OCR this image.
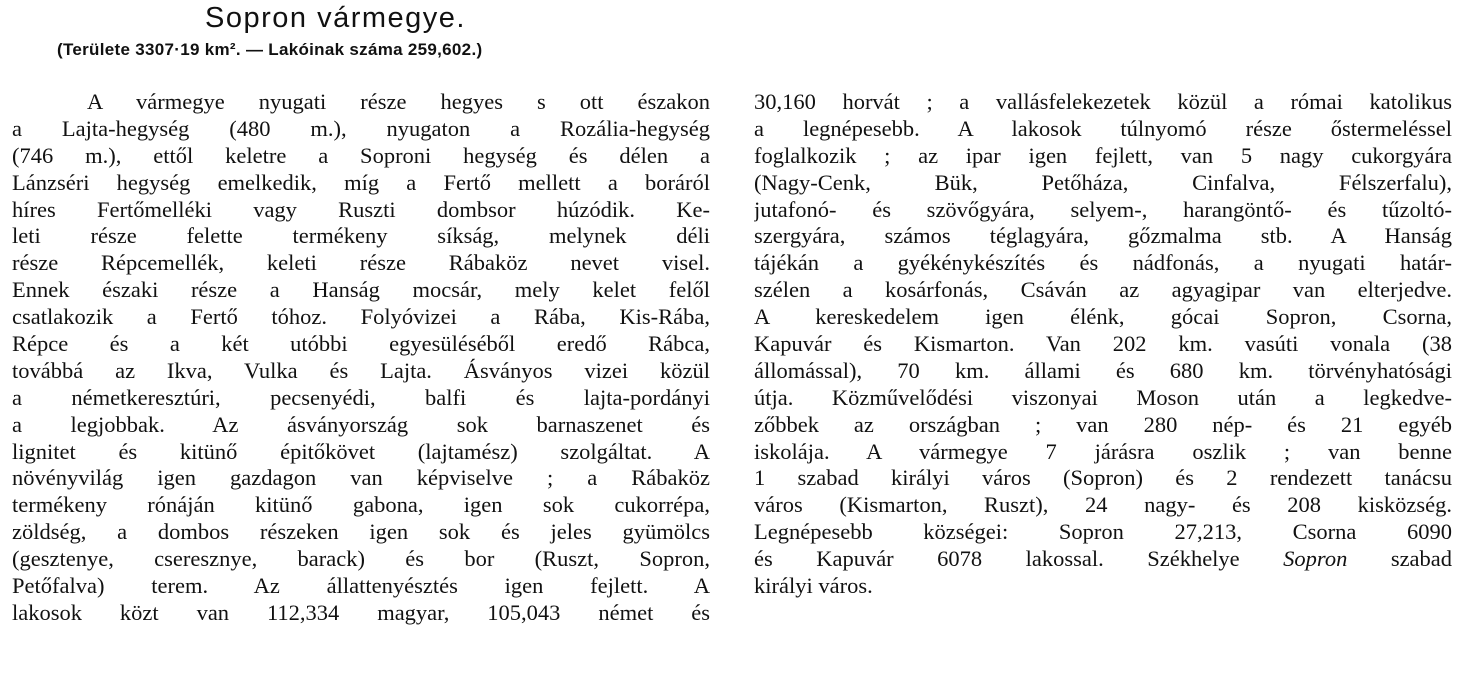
Sopron vármegye.
(Területe 3307·19 km². — Lakóinak száma 259,602.)
A vármegye nyugati része hegyes s ott északon
a Lajta-hegység (480 m.), nyugaton a Rozália-hegység
(746 m.), ettől keletre a Soproni hegység és délen a
Lánzséri hegység emelkedik, míg a Fertő mellett a boráról
híres Fertőmelléki vagy Ruszti dombsor húzódik. Ke-
leti része felette termékeny síkság, melynek déli
része Répcemellék, keleti része Rábaköz nevet visel.
Ennek északi része a Hanság mocsár, mely kelet felől
csatlakozik a Fertő tóhoz. Folyóvizei a Rába, Kis-Rába,
Répce és a két utóbbi egyesüléséből eredő Rábca,
továbbá az Ikva, Vulka és Lajta. Ásványos vizei közül
a németkeresztúri, pecsenyédi, balfi és lajta-pordányi
a legjobbak. Az ásványország sok barnaszenet és
lignitet és kitünő épitőkövet (lajtamész) szolgáltat. A
növényvilág igen gazdagon van képviselve ; a Rábaköz
termékeny rónáján kitünő gabona, igen sok cukorrépa,
zöldség, a dombos részeken igen sok és jeles gyümölcs
(gesztenye, cseresznye, barack) és bor (Ruszt, Sopron,
Petőfalva) terem. Az állattenyésztés igen fejlett. A
lakosok közt van 112,334 magyar, 105,043 német és
30,160 horvát ; a vallásfelekezetek közül a római katolikus
a legnépesebb. A lakosok túlnyomó része őstermeléssel
foglalkozik ; az ipar igen fejlett, van 5 nagy cukorgyára
(Nagy-Cenk, Bük, Petőháza, Cinfalva, Félszerfalu),
jutafonó- és szövőgyára, selyem-, harangöntő- és tűzoltó-
szergyára, számos téglagyára, gőzmalma stb. A Hanság
tájékán a gyékénykészítés és nádfonás, a nyugati határ-
szélen a kosárfonás, Csáván az agyagipar van elterjedve.
A kereskedelem igen élénk, gócai Sopron, Csorna,
Kapuvár és Kismarton. Van 202 km. vasúti vonala (38
állomással), 70 km. állami és 680 km. törvényhatósági
útja. Közművelődési viszonyai Moson után a legkedve-
zőbbek az országban ; van 280 nép- és 21 egyéb
iskolája. A vármegye 7 járásra oszlik ; van benne
1 szabad királyi város (Sopron) és 2 rendezett tanácsu
város (Kismarton, Ruszt), 24 nagy- és 208 kisközség.
Legnépesebb községei: Sopron 27,213, Csorna 6090
és Kapuvár 6078 lakossal. Székhelye Sopron szabad
királyi város.
